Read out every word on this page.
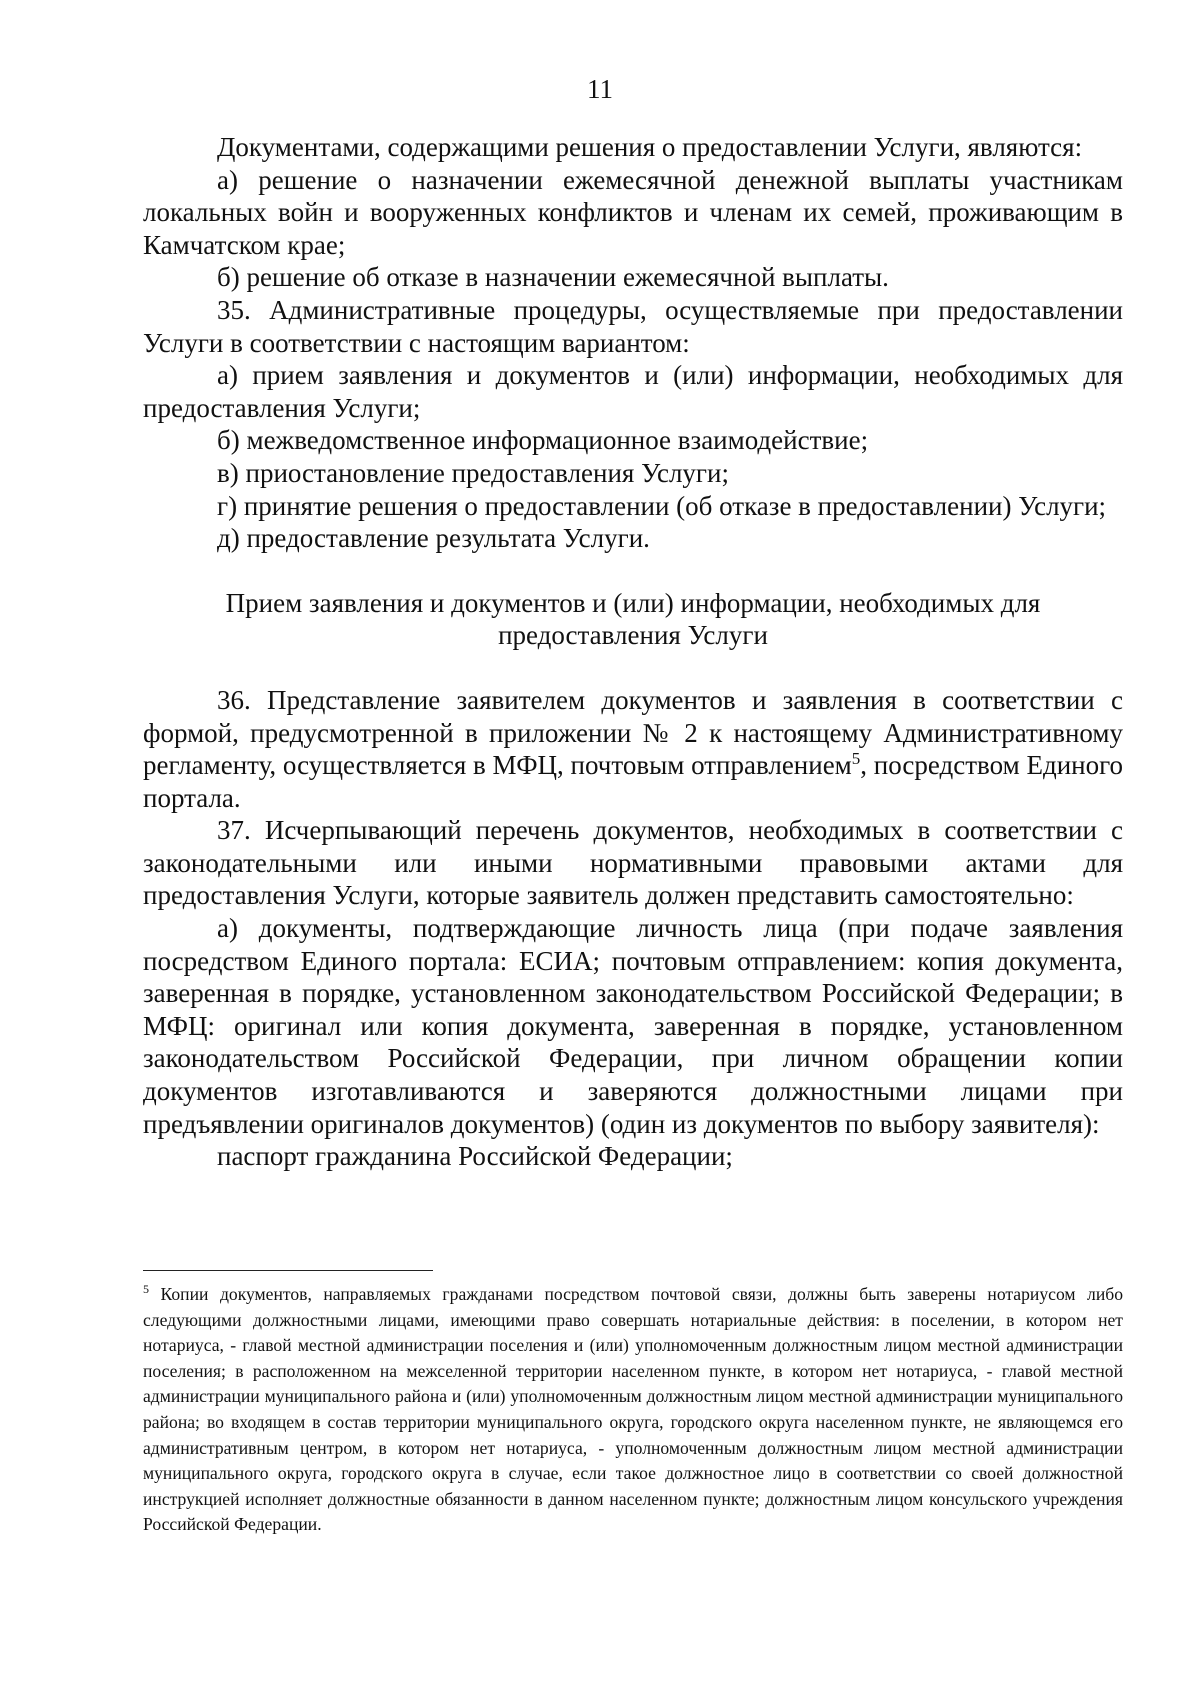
11

Документами, содержащими решения о предоставлении Услуги, являются:

а) решение о назначении ежемесячной денежной выплаты участникам локальных войн и вооруженных конфликтов и членам их семей, проживающим в Камчатском крае;

б) решение об отказе в назначении ежемесячной выплаты.

35. Административные процедуры, осуществляемые при предоставлении Услуги в соответствии с настоящим вариантом:

а) прием заявления и документов и (или) информации, необходимых для предоставления Услуги;

б) межведомственное информационное взаимодействие;

в) приостановление предоставления Услуги;

г) принятие решения о предоставлении (об отказе в предоставлении) Услуги;

д) предоставление результата Услуги.

Прием заявления и документов и (или) информации, необходимых для предоставления Услуги

36. Представление заявителем документов и заявления в соответствии с формой, предусмотренной в приложении № 2 к настоящему Административному регламенту, осуществляется в МФЦ, почтовым отправлением$^5$, посредством Единого портала.

37. Исчерпывающий перечень документов, необходимых в соответствии с законодательными или иными нормативными правовыми актами для предоставления Услуги, которые заявитель должен представить самостоятельно:

а) документы, подтверждающие личность лица (при подаче заявления посредством Единого портала: ЕСИА; почтовым отправлением: копия документа, заверенная в порядке, установленном законодательством Российской Федерации; в МФЦ: оригинал или копия документа, заверенная в порядке, установленном законодательством Российской Федерации, при личном обращении копии документов изготавливаются и заверяются должностными лицами при предъявлении оригиналов документов) (один из документов по выбору заявителя):

паспорт гражданина Российской Федерации;

$^5$ Копии документов, направляемых гражданами посредством почтовой связи, должны быть заверены нотариусом либо следующими должностными лицами, имеющими право совершать нотариальные действия: в поселении, в котором нет нотариуса, - главой местной администрации поселения и (или) уполномоченным должностным лицом местной администрации поселения; в расположенном на межселенной территории населенном пункте, в котором нет нотариуса, - главой местной администрации муниципального района и (или) уполномоченным должностным лицом местной администрации муниципального района; во входящем в состав территории муниципального округа, городского округа населенном пункте, не являющемся его административным центром, в котором нет нотариуса, - уполномоченным должностным лицом местной администрации муниципального округа, городского округа в случае, если такое должностное лицо в соответствии со своей должностной инструкцией исполняет должностные обязанности в данном населенном пункте; должностным лицом консульского учреждения Российской Федерации.
